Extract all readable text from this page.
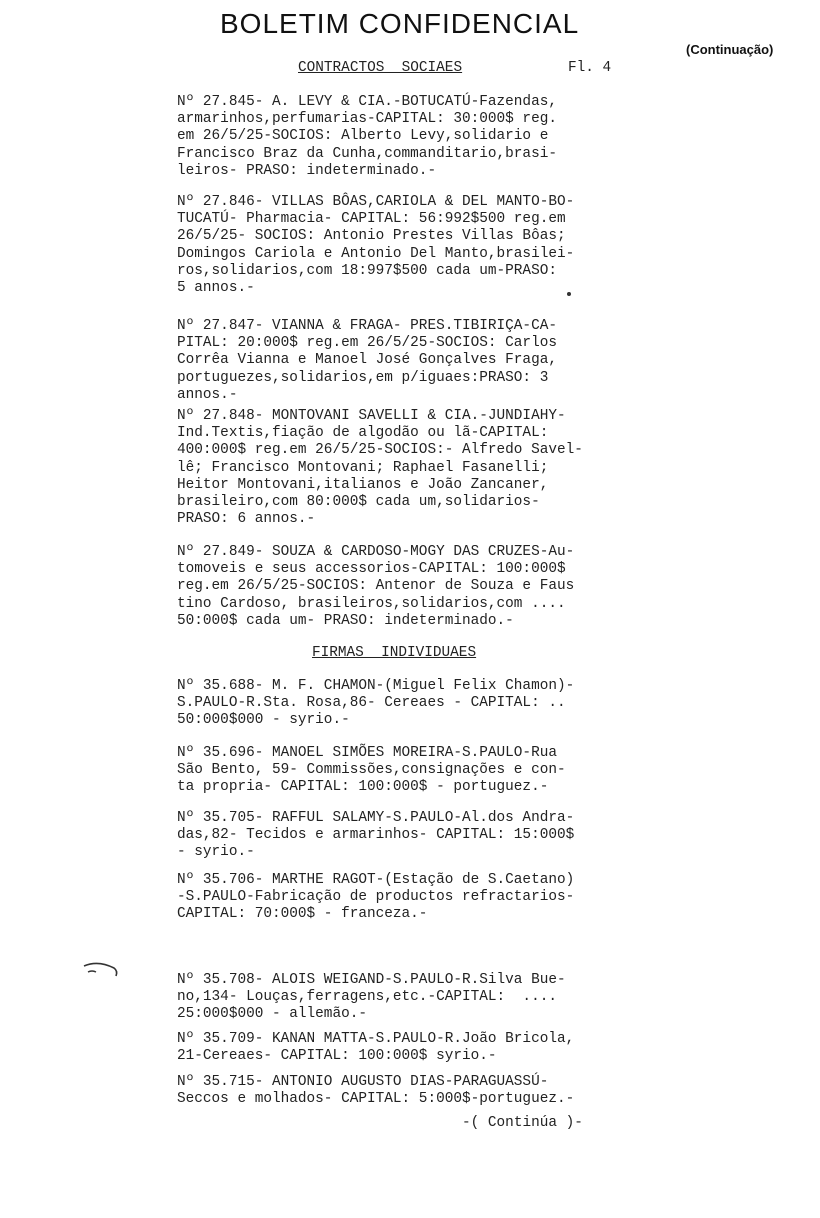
BOLETIM CONFIDENCIAL
(Continuação)
CONTRACTOS  SOCIAES	Fl. 4
Nº 27.845- A. LEVY & CIA.-BOTUCATÚ-Fazendas,
armarinhos,perfumarias-CAPITAL: 30:000$ reg.
em 26/5/25-SOCIOS: Alberto Levy,solidario e
Francisco Braz da Cunha,commanditario,brasi-
leiros- PRASO: indeterminado.-
Nº 27.846- VILLAS BÔAS,CARIOLA & DEL MANTO-BO-
TUCATÚ- Pharmacia- CAPITAL: 56:992$500 reg.em
26/5/25- SOCIOS: Antonio Prestes Villas Bôas;
Domingos Cariola e Antonio Del Manto,brasilei-
ros,solidarios,com 18:997$500 cada um-PRASO:
5 annos.-
Nº 27.847- VIANNA & FRAGA- PRES.TIBIRIÇA-CA-
PITAL: 20:000$ reg.em 26/5/25-SOCIOS: Carlos
Corrêa Vianna e Manoel José Gonçalves Fraga,
portuguezes,solidarios,em p/iguaes:PRASO: 3
annos.-
Nº 27.848- MONTOVANI SAVELLI & CIA.-JUNDIAHY-
Ind.Textis,fiação de algodão ou lã-CAPITAL:
400:000$ reg.em 26/5/25-SOCIOS:- Alfredo Savel-
lê; Francisco Montovani; Raphael Fasanelli;
Heitor Montovani,italianos e João Zancaner,
brasileiro,com 80:000$ cada um,solidarios-
PRASO: 6 annos.-
Nº 27.849- SOUZA & CARDOSO-MOGY DAS CRUZES-Au-
tomoveis e seus accessorios-CAPITAL: 100:000$
reg.em 26/5/25-SOCIOS: Antenor de Souza e Faus
tino Cardoso, brasileiros,solidarios,com ....
50:000$ cada um- PRASO: indeterminado.-
FIRMAS  INDIVIDUAES
Nº 35.688- M. F. CHAMON-(Miguel Felix Chamon)-
S.PAULO-R.Sta. Rosa,86- Cereaes - CAPITAL: ..
50:000$000 - syrio.-
Nº 35.696- MANOEL SIMÕES MOREIRA-S.PAULO-Rua
São Bento, 59- Commissões,consignações e con-
ta propria- CAPITAL: 100:000$ - portuguez.-
Nº 35.705- RAFFUL SALAMY-S.PAULO-Al.dos Andra-
das,82- Tecidos e armarinhos- CAPITAL: 15:000$
- syrio.-
Nº 35.706- MARTHE RAGOT-(Estação de S.Caetano)
-S.PAULO-Fabricação de productos refractarios-
CAPITAL: 70:000$ - franceza.-
Nº 35.708- ALOIS WEIGAND-S.PAULO-R.Silva Bue-
no,134- Louças,ferragens,etc.-CAPITAL:  ....
25:000$000 - allemão.-
Nº 35.709- KANAN MATTA-S.PAULO-R.João Bricola,
21-Cereaes- CAPITAL: 100:000$ syrio.-
Nº 35.715- ANTONIO AUGUSTO DIAS-PARAGUASSÚ-
Seccos e molhados- CAPITAL: 5:000$-portuguez.-
-( Continúa )-
